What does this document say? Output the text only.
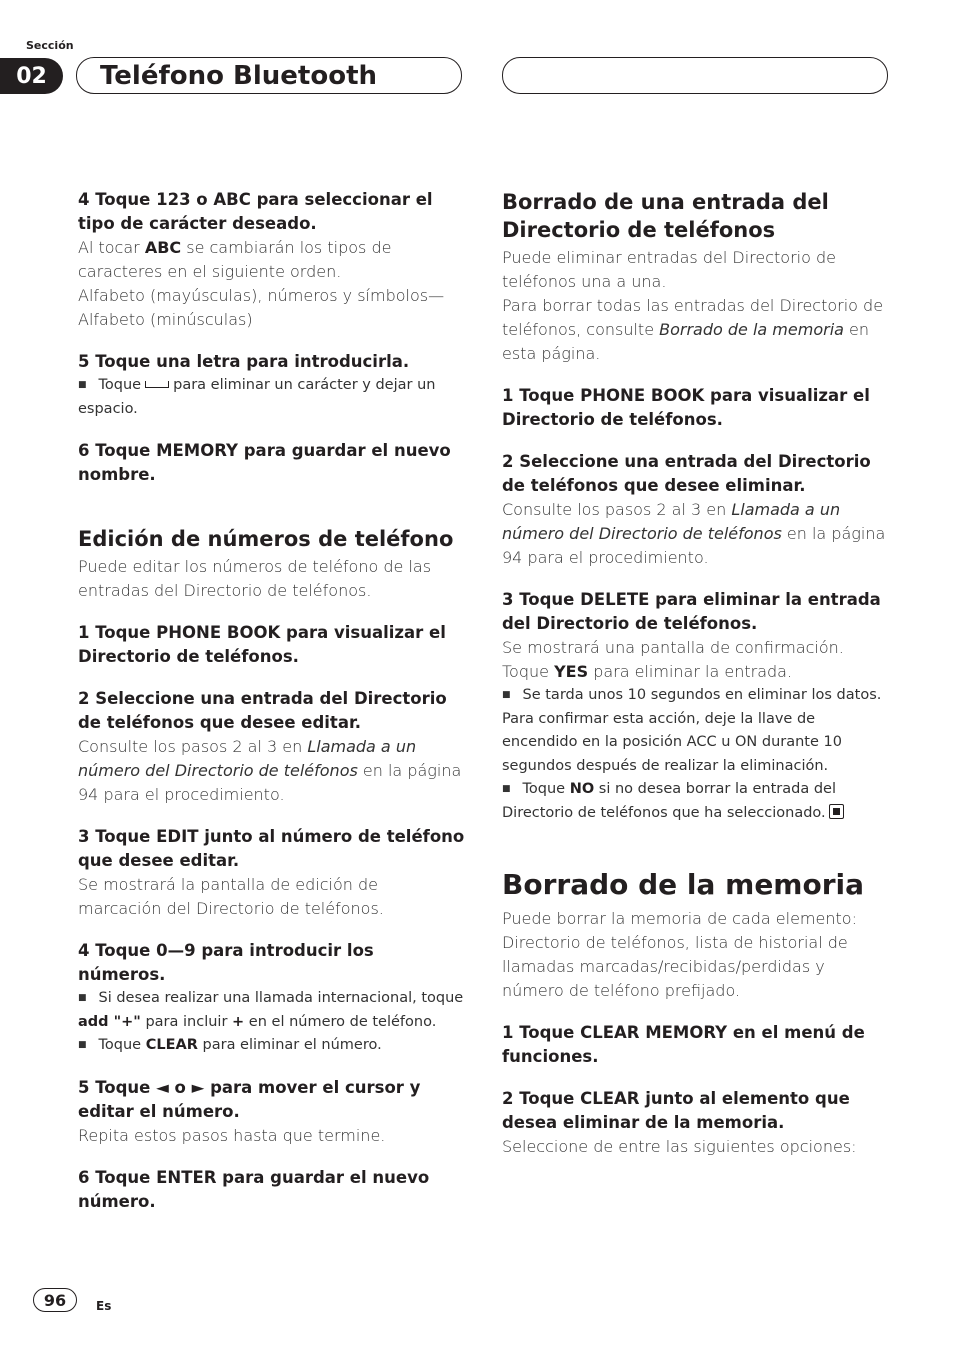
Sección
02	Teléfono Bluetooth

4 Toque 123 o ABC para seleccionar el tipo de carácter deseado.

Al tocar ABC se cambiarán los tipos de caracteres en el siguiente orden.

Alfabeto (mayúsculas), números y símbolos—Alfabeto (minúsculas)

5 Toque una letra para introducirla.

■ Toque para eliminar un carácter y dejar un espacio.

6 Toque MEMORY para guardar el nuevo nombre.

Edición de números de teléfono

Puede editar los números de teléfono de las entradas del Directorio de teléfonos.

1 Toque PHONE BOOK para visualizar el Directorio de teléfonos.

2 Seleccione una entrada del Directorio de teléfonos que desee editar.

Consulte los pasos 2 al 3 en Llamada a un número del Directorio de teléfonos en la página 94 para el procedimiento.

3 Toque EDIT junto al número de teléfono que desee editar.

Se mostrará la pantalla de edición de marcación del Directorio de teléfonos.

4 Toque 0—9 para introducir los números.

■ Si desea realizar una llamada internacional, toque add "+" para incluir + en el número de teléfono.

■ Toque CLEAR para eliminar el número.

5 Toque ◄ o ► para mover el cursor y editar el número.

Repita estos pasos hasta que termine.

6 Toque ENTER para guardar el nuevo número.

Borrado de una entrada del Directorio de teléfonos

Puede eliminar entradas del Directorio de teléfonos una a una.

Para borrar todas las entradas del Directorio de teléfonos, consulte Borrado de la memoria en esta página.

1 Toque PHONE BOOK para visualizar el Directorio de teléfonos.

2 Seleccione una entrada del Directorio de teléfonos que desee eliminar.

Consulte los pasos 2 al 3 en Llamada a un número del Directorio de teléfonos en la página 94 para el procedimiento.

3 Toque DELETE para eliminar la entrada del Directorio de teléfonos.

Se mostrará una pantalla de confirmación.

Toque YES para eliminar la entrada.

■ Se tarda unos 10 segundos en eliminar los datos. Para confirmar esta acción, deje la llave de encendido en la posición ACC u ON durante 10 segundos después de realizar la eliminación.

■ Toque NO si no desea borrar la entrada del Directorio de teléfonos que ha seleccionado.

Borrado de la memoria

Puede borrar la memoria de cada elemento: Directorio de teléfonos, lista de historial de llamadas marcadas/recibidas/perdidas y número de teléfono prefijado.

1 Toque CLEAR MEMORY en el menú de funciones.

2 Toque CLEAR junto al elemento que desea eliminar de la memoria.

Seleccione de entre las siguientes opciones:

96	Es
